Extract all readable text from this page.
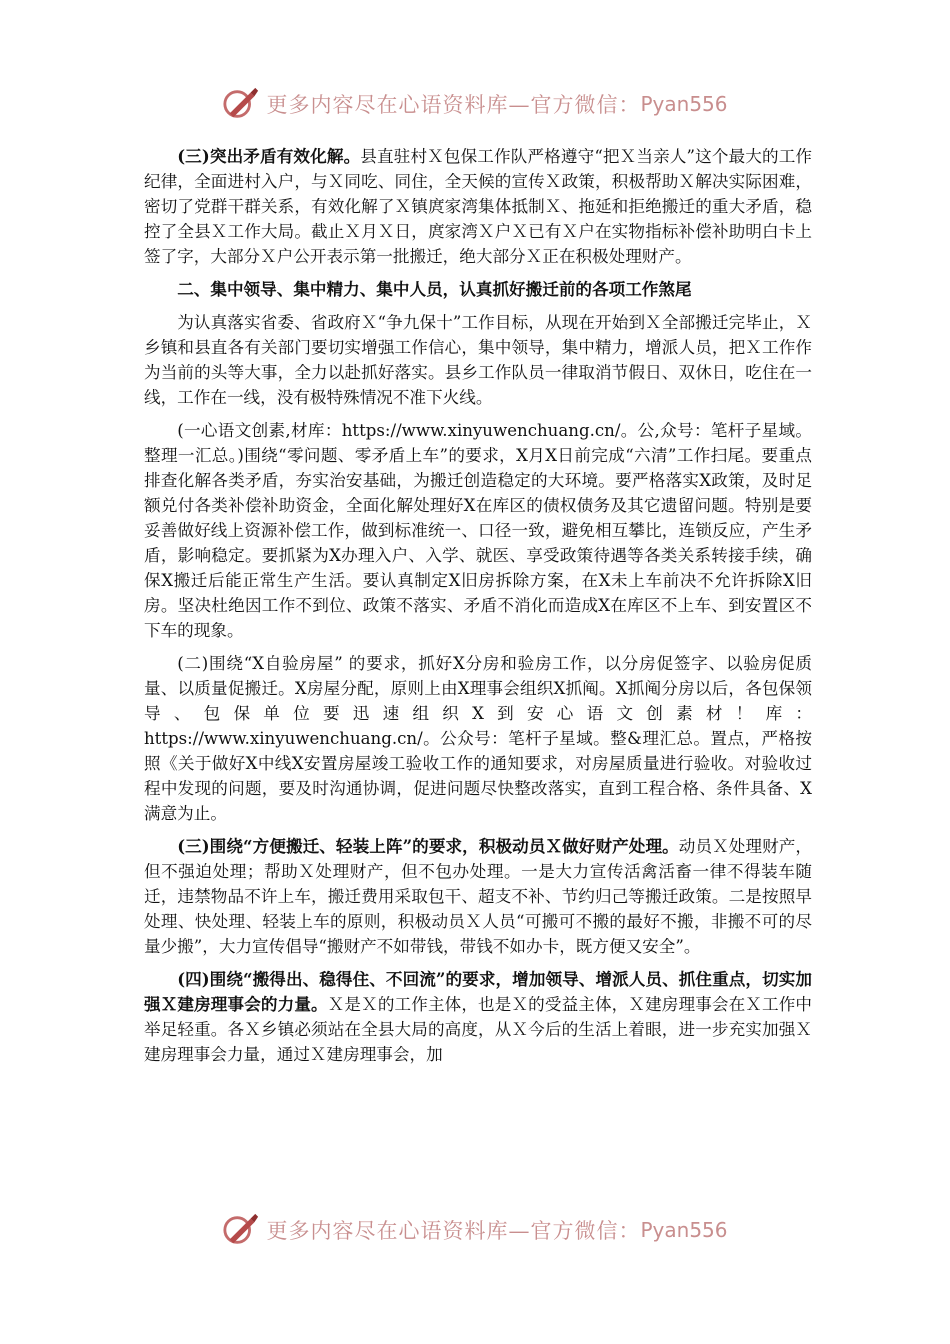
更多内容尽在心语资料库—官方微信： Pyan556

(三)突出矛盾有效化解。县直驻村Ｘ包保工作队严格遵守“把Ｘ当亲人”这个最大的工作纪律，全面进村入户，与Ｘ同吃、同住，全天候的宣传Ｘ政策，积极帮助Ｘ解决实际困难，密切了党群干群关系，有效化解了Ｘ镇庹家湾集体抵制Ｘ、拖延和拒绝搬迁的重大矛盾，稳控了全县Ｘ工作大局。截止Ｘ月Ｘ日，庹家湾Ｘ户Ｘ已有Ｘ户在实物指标补偿补助明白卡上签了字，大部分Ｘ户公开表示第一批搬迁，绝大部分Ｘ正在积极处理财产。

二、集中领导、集中精力、集中人员，认真抓好搬迁前的各项工作煞尾

为认真落实省委、省政府Ｘ“争九保十”工作目标，从现在开始到Ｘ全部搬迁完毕止，Ｘ乡镇和县直各有关部门要切实增强工作信心，集中领导，集中精力，增派人员，把Ｘ工作作为当前的头等大事，全力以赴抓好落实。县乡工作队员一律取消节假日、双休日，吃住在一线，工作在一线，没有极特殊情况不准下火线。

(一心语文创素,材库：https://www.xinyuwenchuang.cn/。公,众号：笔杆子星域。整理一汇总。)围绕“零问题、零矛盾上车”的要求，X月X日前完成“六清”工作扫尾。要重点排查化解各类矛盾，夯实治安基础，为搬迁创造稳定的大环境。要严格落实X政策，及时足额兑付各类补偿补助资金，全面化解处理好X在库区的债权债务及其它遗留问题。特别是要妥善做好线上资源补偿工作，做到标准统一、口径一致，避免相互攀比，连锁反应，产生矛盾，影响稳定。要抓紧为X办理入户、入学、就医、享受政策待遇等各类关系转接手续，确保X搬迁后能正常生产生活。要认真制定X旧房拆除方案，在X未上车前决不允许拆除X旧房。坚决杜绝因工作不到位、政策不落实、矛盾不消化而造成X在库区不上车、到安置区不下车的现象。

(二)围绕“X自验房屋” 的要求，抓好X分房和验房工作，以分房促签字、以验房促质量、以质量促搬迁。X房屋分配，原则上由X理事会组织X抓阄。X抓阄分房以后，各包保领导、包保单位要迅速组织X到安心语文创素材！库：https://www.xinyuwenchuang.cn/。公众号：笔杆子星域。整&理汇总。置点，严格按照《关于做好X中线X安置房屋竣工验收工作的通知要求，对房屋质量进行验收。对验收过程中发现的问题，要及时沟通协调，促进问题尽快整改落实，直到工程合格、条件具备、X满意为止。

(三)围绕“方便搬迁、轻装上阵”的要求，积极动员Ｘ做好财产处理。动员Ｘ处理财产，但不强迫处理；帮助Ｘ处理财产，但不包办处理。一是大力宣传活禽活畜一律不得装车随迁，违禁物品不许上车，搬迁费用采取包干、超支不补、节约归己等搬迁政策。二是按照早处理、快处理、轻装上车的原则，积极动员Ｘ人员“可搬可不搬的最好不搬，非搬不可的尽量少搬”，大力宣传倡导“搬财产不如带钱，带钱不如办卡，既方便又安全”。

(四)围绕“搬得出、稳得住、不回流”的要求，增加领导、增派人员、抓住重点，切实加强Ｘ建房理事会的力量。Ｘ是Ｘ的工作主体，也是Ｘ的受益主体，Ｘ建房理事会在Ｘ工作中举足轻重。各Ｘ乡镇必须站在全县大局的高度，从Ｘ今后的生活上着眼，进一步充实加强Ｘ建房理事会力量，通过Ｘ建房理事会，加

更多内容尽在心语资料库—官方微信： Pyan556
